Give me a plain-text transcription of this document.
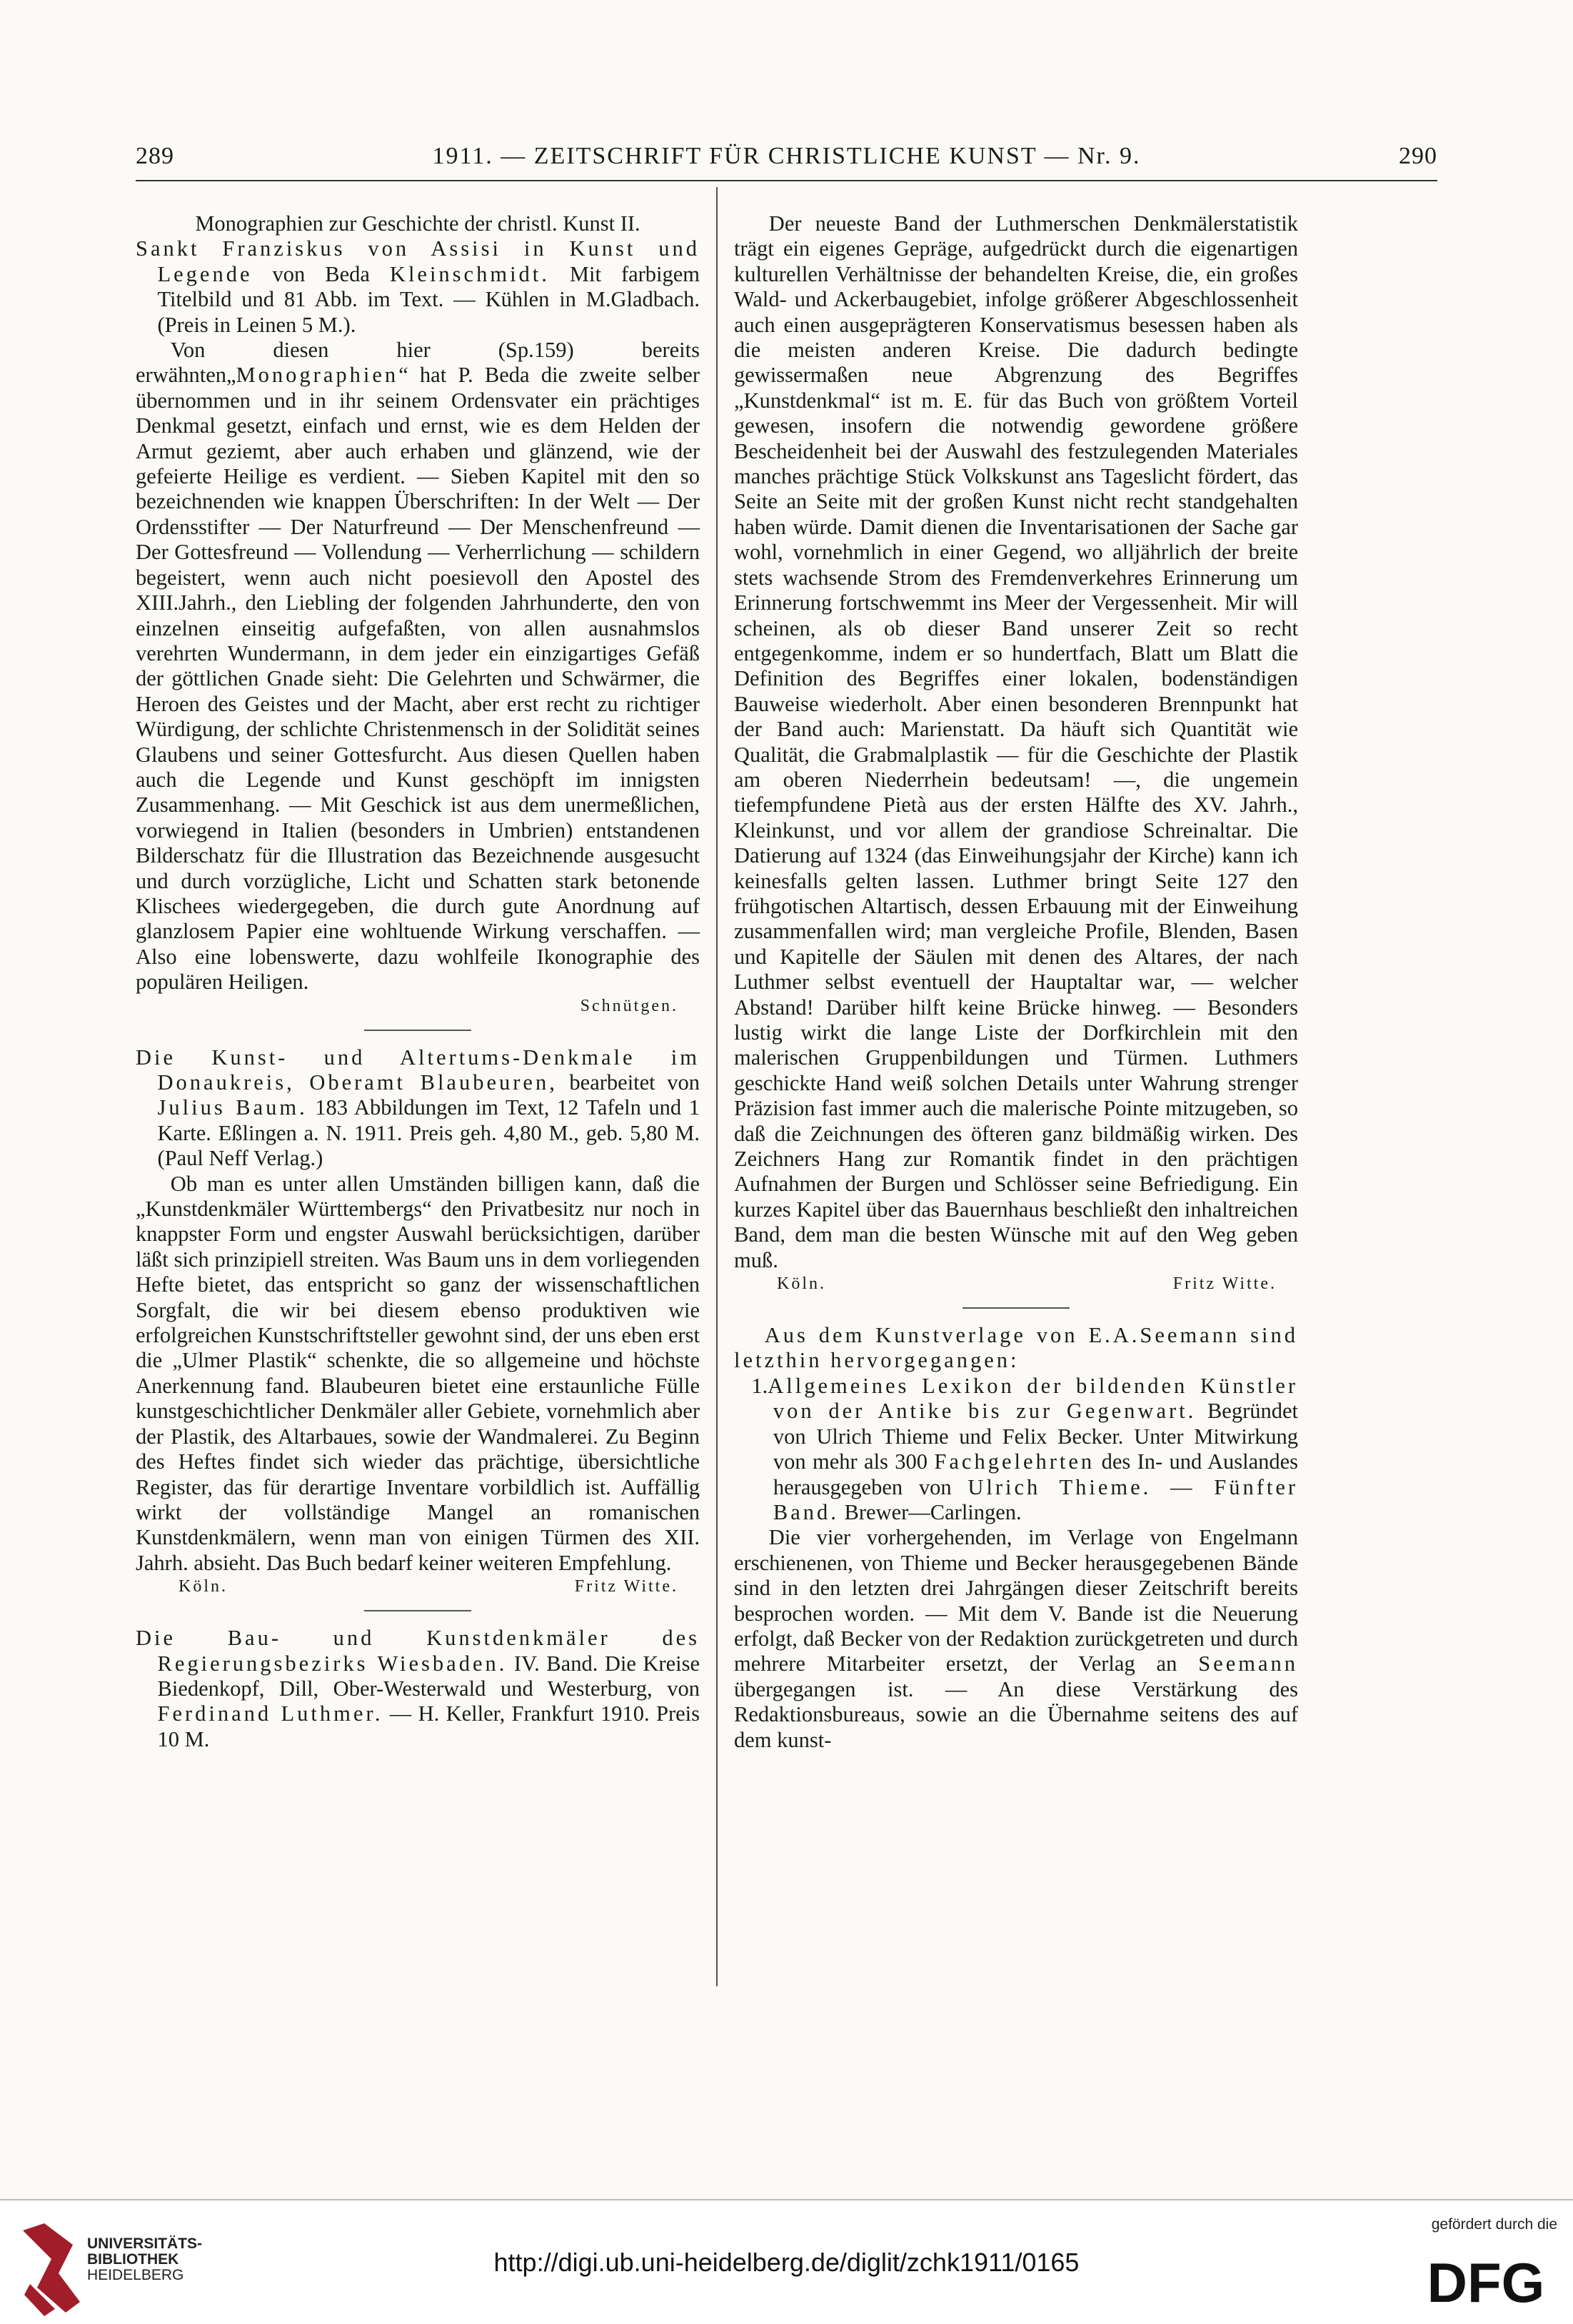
289	1911. — ZEITSCHRIFT FÜR CHRISTLICHE KUNST — Nr. 9.	290

Monographien zur Geschichte der christl. Kunst II.

Sankt Franziskus von Assisi in Kunst und Legende von Beda Kleinschmidt. Mit farbigem Titelbild und 81 Abb. im Text. — Kühlen in M.Gladbach. (Preis in Leinen 5 M.).

Von diesen hier (Sp.159) bereits erwähnten„Monographien“ hat P. Beda die zweite selber übernommen und in ihr seinem Ordensvater ein prächtiges Denkmal gesetzt, einfach und ernst, wie es dem Helden der Armut geziemt, aber auch erhaben und glänzend, wie der gefeierte Heilige es verdient. — Sieben Kapitel mit den so bezeichnenden wie knappen Überschriften: In der Welt — Der Ordensstifter — Der Naturfreund — Der Menschenfreund — Der Gottesfreund — Vollendung — Verherrlichung — schildern begeistert, wenn auch nicht poesievoll den Apostel des XIII.Jahrh., den Liebling der folgenden Jahrhunderte, den von einzelnen einseitig aufgefaßten, von allen ausnahmslos verehrten Wundermann, in dem jeder ein einzigartiges Gefäß der göttlichen Gnade sieht: Die Gelehrten und Schwärmer, die Heroen des Geistes und der Macht, aber erst recht zu richtiger Würdigung, der schlichte Christenmensch in der Solidität seines Glaubens und seiner Gottesfurcht. Aus diesen Quellen haben auch die Legende und Kunst geschöpft im innigsten Zusammenhang. — Mit Geschick ist aus dem unermeßlichen, vorwiegend in Italien (besonders in Umbrien) entstandenen Bilderschatz für die Illustration das Bezeichnende ausgesucht und durch vorzügliche, Licht und Schatten stark betonende Klischees wiedergegeben, die durch gute Anordnung auf glanzlosem Papier eine wohltuende Wirkung verschaffen. — Also eine lobenswerte, dazu wohlfeile Ikonographie des populären Heiligen.

Schnütgen.

Die Kunst- und Altertums-Denkmale im Donaukreis, Oberamt Blaubeuren, bearbeitet von Julius Baum. 183 Abbildungen im Text, 12 Tafeln und 1 Karte. Eßlingen a. N. 1911. Preis geh. 4,80 M., geb. 5,80 M. (Paul Neff Verlag.)

Ob man es unter allen Umständen billigen kann, daß die „Kunstdenkmäler Württembergs“ den Privatbesitz nur noch in knappster Form und engster Auswahl berücksichtigen, darüber läßt sich prinzipiell streiten. Was Baum uns in dem vorliegenden Hefte bietet, das entspricht so ganz der wissenschaftlichen Sorgfalt, die wir bei diesem ebenso produktiven wie erfolgreichen Kunstschriftsteller gewohnt sind, der uns eben erst die „Ulmer Plastik“ schenkte, die so allgemeine und höchste Anerkennung fand. Blaubeuren bietet eine erstaunliche Fülle kunstgeschichtlicher Denkmäler aller Gebiete, vornehmlich aber der Plastik, des Altarbaues, sowie der Wandmalerei. Zu Beginn des Heftes findet sich wieder das prächtige, übersichtliche Register, das für derartige Inventare vorbildlich ist. Auffällig wirkt der vollständige Mangel an romanischen Kunstdenkmälern, wenn man von einigen Türmen des XII. Jahrh. absieht. Das Buch bedarf keiner weiteren Empfehlung.

Köln.	Fritz Witte.

Die Bau- und Kunstdenkmäler des Regierungsbezirks Wiesbaden. IV. Band. Die Kreise Biedenkopf, Dill, Ober-Westerwald und Westerburg, von Ferdinand Luthmer. — H. Keller, Frankfurt 1910. Preis 10 M.

Der neueste Band der Luthmerschen Denkmälerstatistik trägt ein eigenes Gepräge, aufgedrückt durch die eigenartigen kulturellen Verhältnisse der behandelten Kreise, die, ein großes Wald- und Ackerbaugebiet, infolge größerer Abgeschlossenheit auch einen ausgeprägteren Konservatismus besessen haben als die meisten anderen Kreise. Die dadurch bedingte gewissermaßen neue Abgrenzung des Begriffes „Kunstdenkmal“ ist m. E. für das Buch von größtem Vorteil gewesen, insofern die notwendig gewordene größere Bescheidenheit bei der Auswahl des festzulegenden Materiales manches prächtige Stück Volkskunst ans Tageslicht fördert, das Seite an Seite mit der großen Kunst nicht recht standgehalten haben würde. Damit dienen die Inventarisationen der Sache gar wohl, vornehmlich in einer Gegend, wo alljährlich der breite stets wachsende Strom des Fremdenverkehres Erinnerung um Erinnerung fortschwemmt ins Meer der Vergessenheit. Mir will scheinen, als ob dieser Band unserer Zeit so recht entgegenkomme, indem er so hundertfach, Blatt um Blatt die Definition des Begriffes einer lokalen, bodenständigen Bauweise wiederholt. Aber einen besonderen Brennpunkt hat der Band auch: Marienstatt. Da häuft sich Quantität wie Qualität, die Grabmalplastik — für die Geschichte der Plastik am oberen Niederrhein bedeutsam! —, die ungemein tiefempfundene Pietà aus der ersten Hälfte des XV. Jahrh., Kleinkunst, und vor allem der grandiose Schreinaltar. Die Datierung auf 1324 (das Einweihungsjahr der Kirche) kann ich keinesfalls gelten lassen. Luthmer bringt Seite 127 den frühgotischen Altartisch, dessen Erbauung mit der Einweihung zusammenfallen wird; man vergleiche Profile, Blenden, Basen und Kapitelle der Säulen mit denen des Altares, der nach Luthmer selbst eventuell der Hauptaltar war, — welcher Abstand! Darüber hilft keine Brücke hinweg. — Besonders lustig wirkt die lange Liste der Dorfkirchlein mit den malerischen Gruppenbildungen und Türmen. Luthmers geschickte Hand weiß solchen Details unter Wahrung strenger Präzision fast immer auch die malerische Pointe mitzugeben, so daß die Zeichnungen des öfteren ganz bildmäßig wirken. Des Zeichners Hang zur Romantik findet in den prächtigen Aufnahmen der Burgen und Schlösser seine Befriedigung. Ein kurzes Kapitel über das Bauernhaus beschließt den inhaltreichen Band, dem man die besten Wünsche mit auf den Weg geben muß.

Köln.	Fritz Witte.

Aus dem Kunstverlage von E.A.Seemann sind letzthin hervorgegangen:

1.Allgemeines Lexikon der bildenden Künstler von der Antike bis zur Gegenwart. Begründet von Ulrich Thieme und Felix Becker. Unter Mitwirkung von mehr als 300 Fachgelehrten des In- und Auslandes herausgegeben von Ulrich Thieme. — Fünfter Band. Brewer—Carlingen.

Die vier vorhergehenden, im Verlage von Engelmann erschienenen, von Thieme und Becker herausgegebenen Bände sind in den letzten drei Jahrgängen dieser Zeitschrift bereits besprochen worden. — Mit dem V. Bande ist die Neuerung erfolgt, daß Becker von der Redaktion zurückgetreten und durch mehrere Mitarbeiter ersetzt, der Verlag an Seemann übergegangen ist. — An diese Verstärkung des Redaktionsbureaus, sowie an die Übernahme seitens des auf dem kunst-

UNIVERSITÄTS-
BIBLIOTHEK
HEIDELBERG	http://digi.ub.uni-heidelberg.de/diglit/zchk1911/0165
gefördert durch die
DFG
